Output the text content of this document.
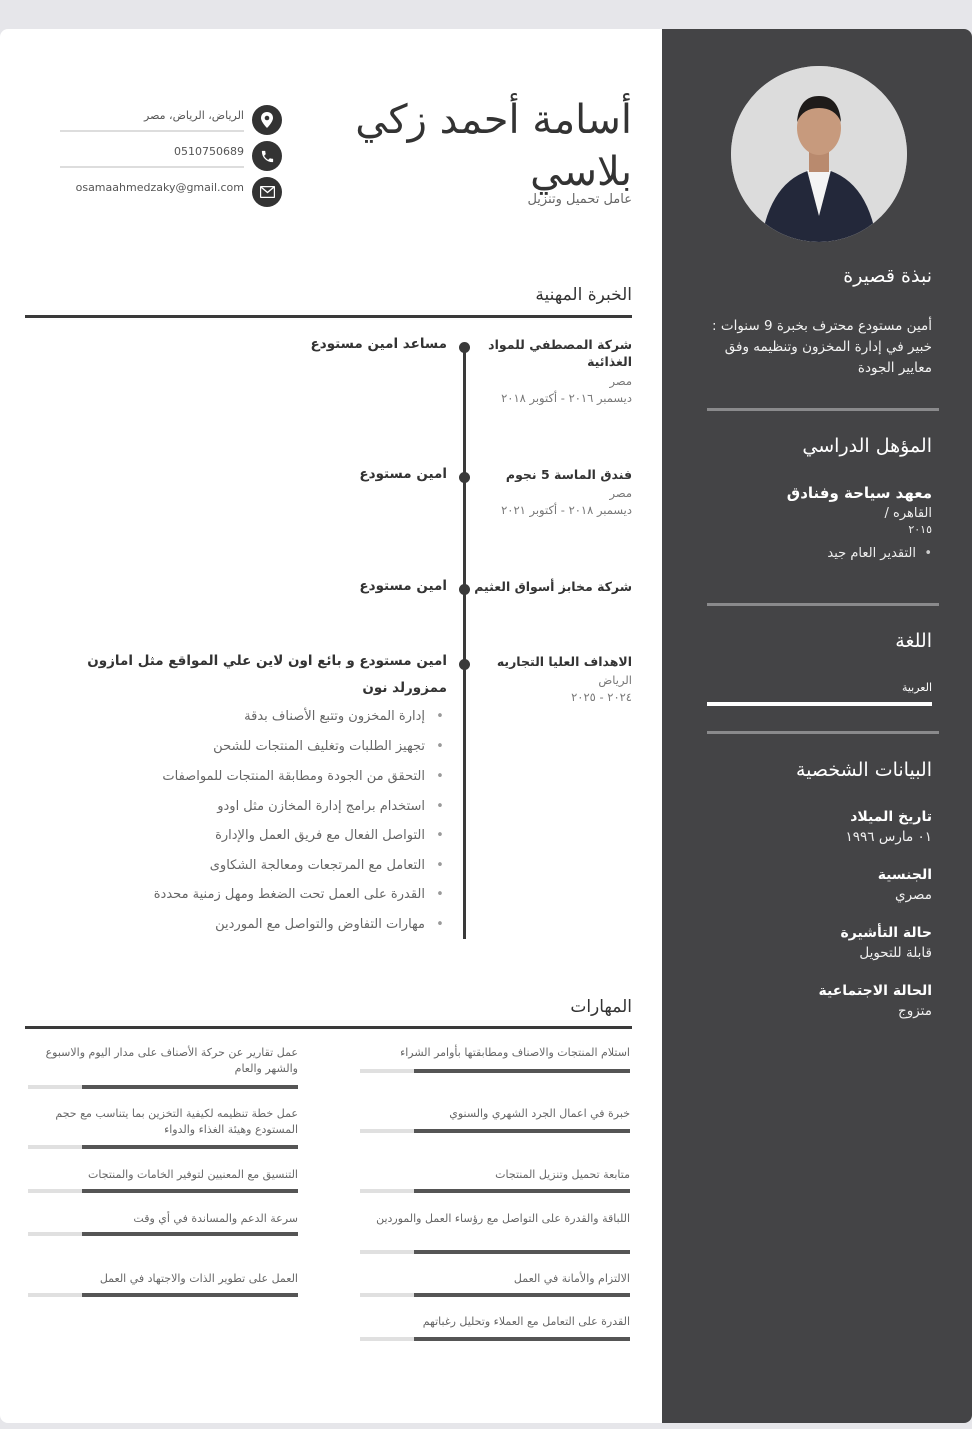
نبذة قصيرة
أمين مستودع محترف بخبرة 9 سنوات : خبير في إدارة المخزون وتنظيمه وفق معايير الجودة
المؤهل الدراسي
معهد سياحة وفنادق
القاهره /
٢٠١٥
•
التقدير العام جيد
اللغة
العربية
البيانات الشخصية
تاريخ الميلاد
٠١ مارس ١٩٩٦
الجنسية
مصري
حالة التأشيرة
قابلة للتحويل
الحالة الاجتماعية
متزوج
أسامة أحمد زكي بلاسي
عامل تحميل وتنزيل
الرياض، الرياض، مصر
0510750689
osamaahmedzaky@gmail.com
الخبرة المهنية
شركة المصطفي للمواد الغذائية
مصر
ديسمبر ٢٠١٦ - أكتوبر ٢٠١٨
مساعد امين مستودع
فندق الماسة 5 نجوم
مصر
ديسمبر ٢٠١٨ - أكتوبر ٢٠٢١
امين مستودع
شركة مخابز أسواق العثيم
امين مستودع
الاهداف العليا التجاريه
الرياض
٢٠٢٤ - ٢٠٢٥
امين مستودع و بائع اون لاين علي المواقع مثل امازون ممزورلد نون
•إدارة المخزون وتتبع الأصناف بدقة
•تجهيز الطلبات وتغليف المنتجات للشحن
•التحقق من الجودة ومطابقة المنتجات للمواصفات
•استخدام برامج إدارة المخازن مثل اودو
•التواصل الفعال مع فريق العمل والإدارة
•التعامل مع المرتجعات ومعالجة الشكاوى
•القدرة على العمل تحت الضغط ومهل زمنية محددة
•مهارات التفاوض والتواصل مع الموردين
المهارات
استلام المنتجات والاصناف ومطابقتها بأوامر الشراء
خبرة في اعمال الجرد الشهري والسنوي
متابعة تحميل وتنزيل المنتجات
اللباقة والقدرة على التواصل مع رؤساء العمل والموردين
الالتزام والأمانة في العمل
القدرة على التعامل مع العملاء وتحليل رغباتهم
عمل تقارير عن حركة الأصناف على مدار اليوم والاسبوع والشهر والعام
عمل خطة تنظيمه لكيفية التخزين بما يتناسب مع حجم المستودع وهيئة الغذاء والدواء
التنسيق مع المعنيين لتوفير الخامات والمنتجات
سرعة الدعم والمساندة في أي وقت
العمل على تطوير الذات والاجتهاد في العمل
